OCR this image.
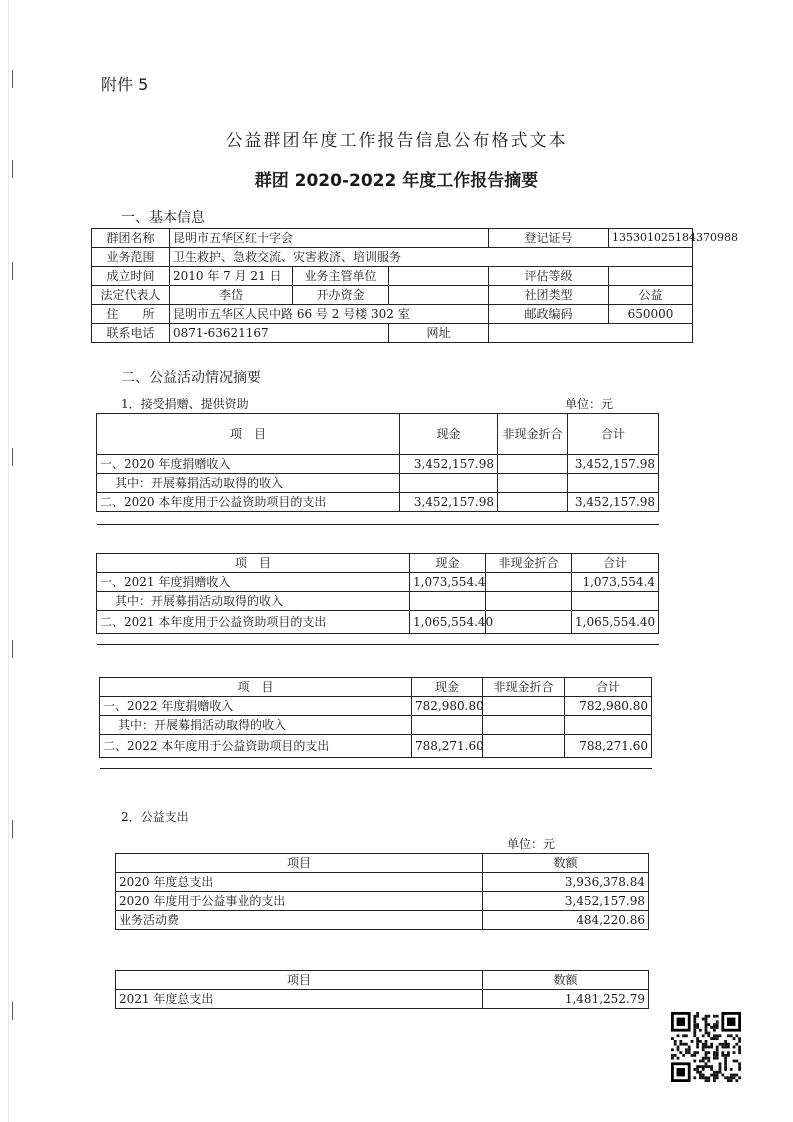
附件 5
公益群团年度工作报告信息公布格式文本
群团 2020-2022 年度工作报告摘要
一、基本信息
群团名称	昆明市五华区红十字会			登记证号	135301025184370988
业务范围	卫生救护、急救交流、灾害救济、培训服务				
成立时间	2010 年 7 月 21 日	业务主管单位		评估等级	
法定代表人	李岱	开办资金		社团类型	公益
住　　所	昆明市五华区人民中路 66 号 2 号楼 302 室			邮政编码	650000
联系电话	0871-63621167		网址		
二、公益活动情况摘要
1．接受捐赠、提供资助	单位：元
项　目	现金	非现金折合	合计
一、2020 年度捐赠收入	3,452,157.98		3,452,157.98
其中：开展募捐活动取得的收入			
二、2020 本年度用于公益资助项目的支出	3,452,157.98		3,452,157.98

项　目	现金	非现金折合	合计
一、2021 年度捐赠收入	1,073,554.4		1,073,554.4
其中：开展募捐活动取得的收入			
二、2021 本年度用于公益资助项目的支出	1,065,554.40		1,065,554.40

项　目	现金	非现金折合	合计
一、2022 年度捐赠收入	782,980.80		782,980.80
其中：开展募捐活动取得的收入			
二、2022 本年度用于公益资助项目的支出	788,271.60		788,271.60

2．公益支出
单位：元
项目	数额
2020 年度总支出	3,936,378.84
2020 年度用于公益事业的支出	3,452,157.98
业务活动费	484,220.86
项目	数额
2021 年度总支出	1,481,252.79
